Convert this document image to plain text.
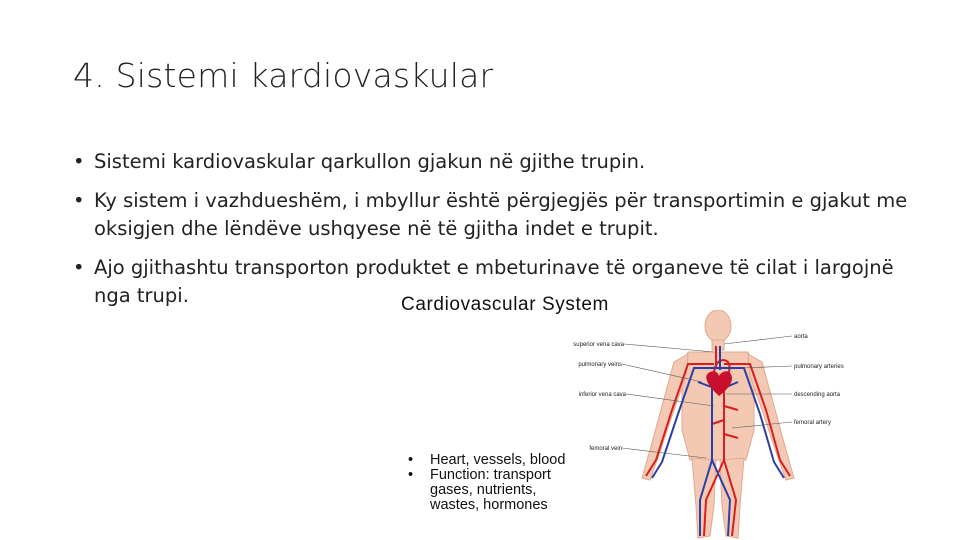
4. Sistemi kardiovaskular
• Sistemi kardiovaskular qarkullon gjakun në gjithe trupin.
• Ky sistem i vazhdueshëm, i mbyllur është përgjegjës për transportimin e gjakut me oksigjen dhe lëndëve ushqyese në të gjitha indet e trupit.
• Ajo gjithashtu transporton produktet e mbeturinave të organeve të cilat i largojnë nga trupi.	Cardiovascular System

superior vena cava
pulmonary veins
inferior vena cava
femoral vein
aorta
pulmonary arteries
descending aorta
femoral artery
• Heart, vessels, blood
• Function: transport
gases, nutrients,
wastes, hormones
